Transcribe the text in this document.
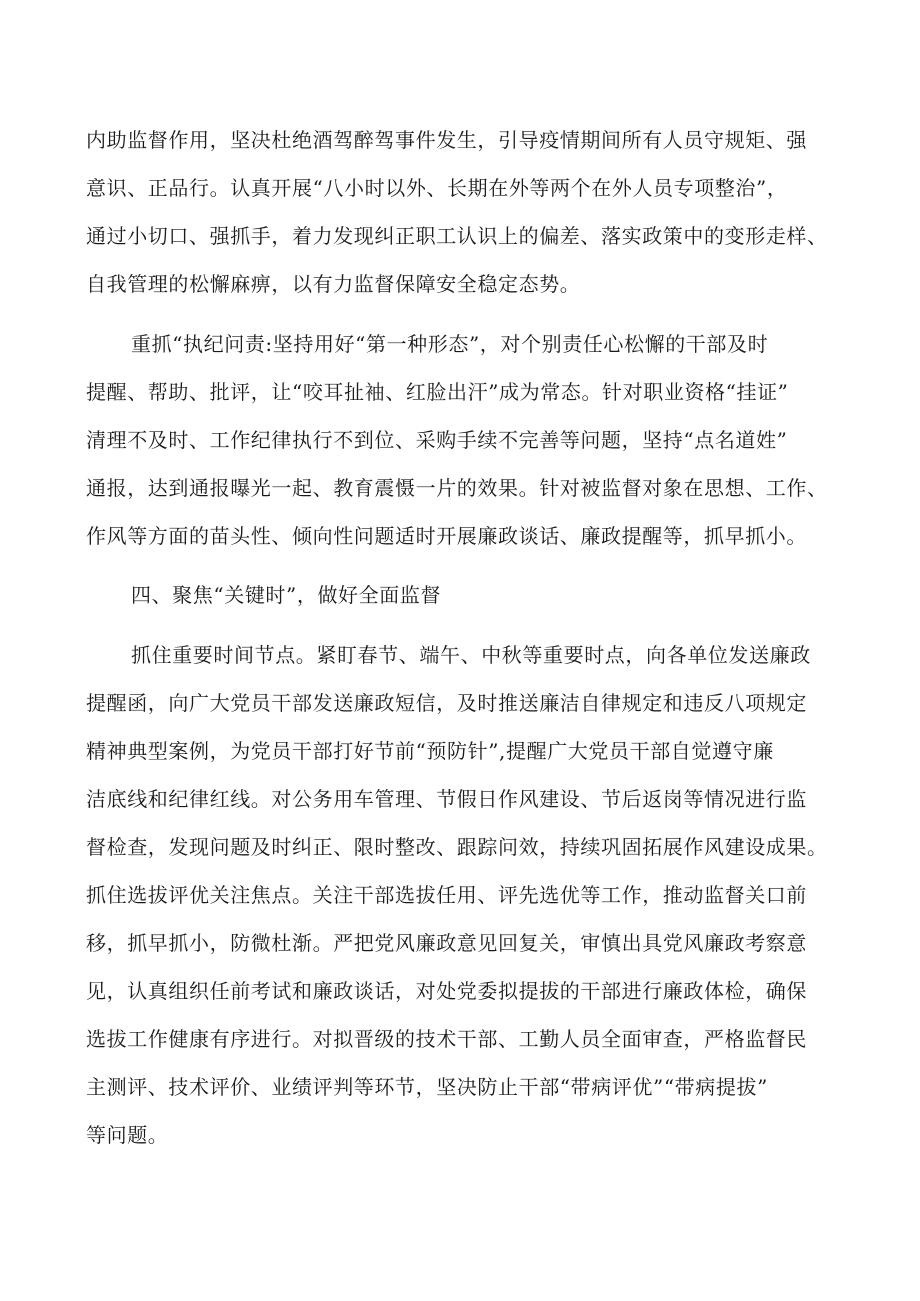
内助监督作用，坚决杜绝酒驾醉驾事件发生，引导疫情期间所有人员守规矩、强
意识、正品行。认真开展“八小时以外、长期在外等两个在外人员专项整治”，
通过小切口、强抓手，着力发现纠正职工认识上的偏差、落实政策中的变形走样、
自我管理的松懈麻痹，以有力监督保障安全稳定态势。
重抓“执纪问责:坚持用好“第一种形态”，对个别责任心松懈的干部及时
提醒、帮助、批评，让“咬耳扯袖、红脸出汗”成为常态。针对职业资格“挂证”
清理不及时、工作纪律执行不到位、采购手续不完善等问题，坚持“点名道姓”
通报，达到通报曝光一起、教育震慑一片的效果。针对被监督对象在思想、工作、
作风等方面的苗头性、倾向性问题适时开展廉政谈话、廉政提醒等，抓早抓小。
四、聚焦“关键时”，做好全面监督
抓住重要时间节点。紧盯春节、端午、中秋等重要时点，向各单位发送廉政
提醒函，向广大党员干部发送廉政短信，及时推送廉洁自律规定和违反八项规定
精神典型案例，为党员干部打好节前“预防针”,提醒广大党员干部自觉遵守廉
洁底线和纪律红线。对公务用车管理、节假日作风建设、节后返岗等情况进行监
督检查，发现问题及时纠正、限时整改、跟踪问效，持续巩固拓展作风建设成果。
抓住选拔评优关注焦点。关注干部选拔任用、评先选优等工作，推动监督关口前
移，抓早抓小，防微杜渐。严把党风廉政意见回复关，审慎出具党风廉政考察意
见，认真组织任前考试和廉政谈话，对处党委拟提拔的干部进行廉政体检，确保
选拔工作健康有序进行。对拟晋级的技术干部、工勤人员全面审查，严格监督民
主测评、技术评价、业绩评判等环节，坚决防止干部“带病评优”“带病提拔”
等问题。
